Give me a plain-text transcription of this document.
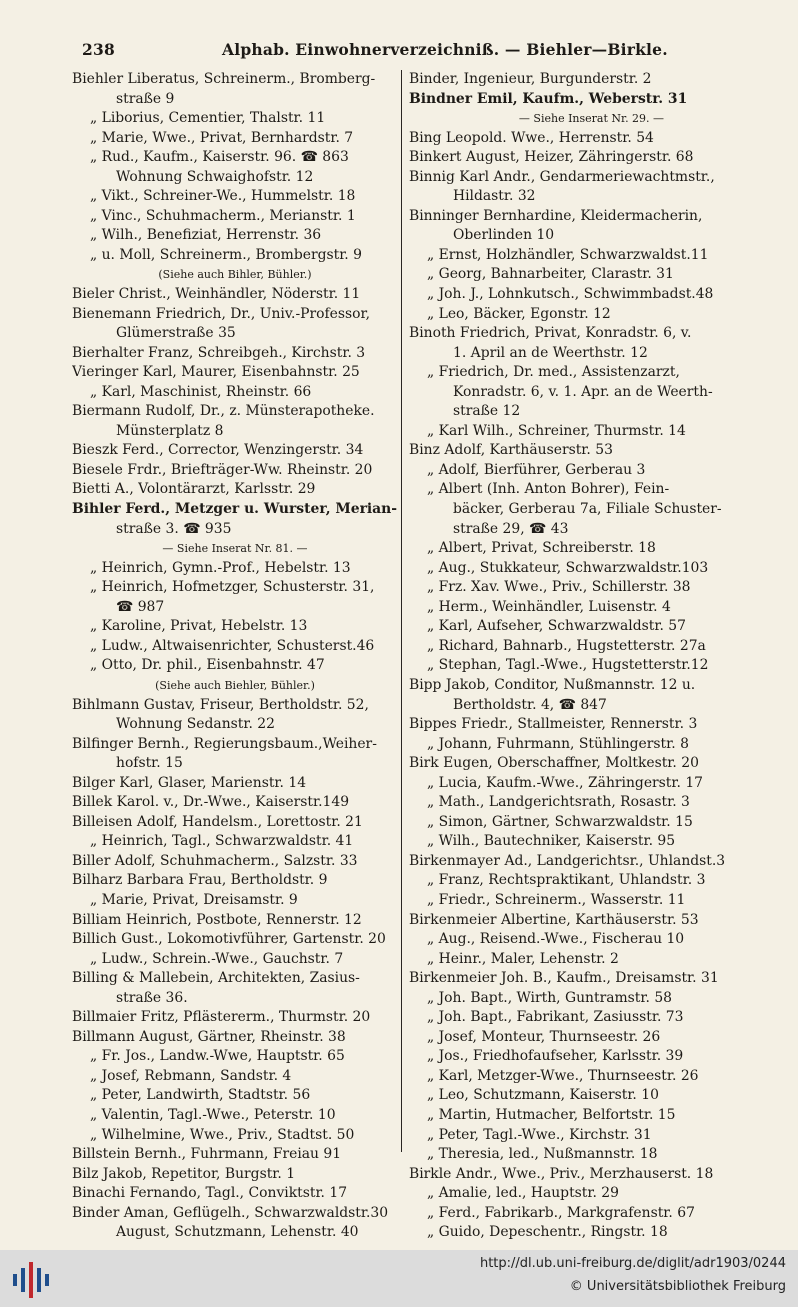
238	Alphab. Einwohnerverzeichniß. — Biehler—Birkle.
Biehler Liberatus, Schreinerm., Bromberg-
straße 9
„ Liborius, Cementier, Thalstr. 11
„ Marie, Wwe., Privat, Bernhardstr. 7
„ Rud., Kaufm., Kaiserstr. 96. ☎ 863
Wohnung Schwaighofstr. 12
„ Vikt., Schreiner-We., Hummelstr. 18
„ Vinc., Schuhmacherm., Merianstr. 1
„ Wilh., Benefiziat, Herrenstr. 36
„ u. Moll, Schreinerm., Brombergstr. 9
(Siehe auch Bihler, Bühler.)
Bieler Christ., Weinhändler, Nöderstr. 11
Bienemann Friedrich, Dr., Univ.-Professor,
Glümerstraße 35
Bierhalter Franz, Schreibgeh., Kirchstr. 3
Vieringer Karl, Maurer, Eisenbahnstr. 25
„ Karl, Maschinist, Rheinstr. 66
Biermann Rudolf, Dr., z. Münsterapotheke.
Münsterplatz 8
Bieszk Ferd., Corrector, Wenzingerstr. 34
Biesele Frdr., Briefträger-Ww. Rheinstr. 20
Bietti A., Volontärarzt, Karlsstr. 29
Bihler Ferd., Metzger u. Wurster, Merian-
straße 3. ☎ 935
— Siehe Inserat Nr. 81. —
„ Heinrich, Gymn.-Prof., Hebelstr. 13
„ Heinrich, Hofmetzger, Schusterstr. 31,
☎ 987
„ Karoline, Privat, Hebelstr. 13
„ Ludw., Altwaisenrichter, Schusterst.46
„ Otto, Dr. phil., Eisenbahnstr. 47
(Siehe auch Biehler, Bühler.)
Bihlmann Gustav, Friseur, Bertholdstr. 52,
Wohnung Sedanstr. 22
Bilfinger Bernh., Regierungsbaum.,Weiher-
hofstr. 15
Bilger Karl, Glaser, Marienstr. 14
Billek Karol. v., Dr.-Wwe., Kaiserstr.149
Billeisen Adolf, Handelsm., Lorettostr. 21
„ Heinrich, Tagl., Schwarzwaldstr. 41
Biller Adolf, Schuhmacherm., Salzstr. 33
Bilharz Barbara Frau, Bertholdstr. 9
„ Marie, Privat, Dreisamstr. 9
Billiam Heinrich, Postbote, Rennerstr. 12
Billich Gust., Lokomotivführer, Gartenstr. 20
„ Ludw., Schrein.-Wwe., Gauchstr. 7
Billing & Mallebein, Architekten, Zasius-
straße 36.
Billmaier Fritz, Pflästererm., Thurmstr. 20
Billmann August, Gärtner, Rheinstr. 38
„ Fr. Jos., Landw.-Wwe, Hauptstr. 65
„ Josef, Rebmann, Sandstr. 4
„ Peter, Landwirth, Stadtstr. 56
„ Valentin, Tagl.-Wwe., Peterstr. 10
„ Wilhelmine, Wwe., Priv., Stadtst. 50
Billstein Bernh., Fuhrmann, Freiau 91
Bilz Jakob, Repetitor, Burgstr. 1
Binachi Fernando, Tagl., Conviktstr. 17
Binder Aman, Geflügelh., Schwarzwaldstr.30
August, Schutzmann, Lehenstr. 40
Binder, Ingenieur, Burgunderstr. 2
Bindner Emil, Kaufm., Weberstr. 31
— Siehe Inserat Nr. 29. —
Bing Leopold. Wwe., Herrenstr. 54
Binkert August, Heizer, Zähringerstr. 68
Binnig Karl Andr., Gendarmeriewachtmstr.,
Hildastr. 32
Binninger Bernhardine, Kleidermacherin,
Oberlinden 10
„ Ernst, Holzhändler, Schwarzwaldst.11
„ Georg, Bahnarbeiter, Clarastr. 31
„ Joh. J., Lohnkutsch., Schwimmbadst.48
„ Leo, Bäcker, Egonstr. 12
Binoth Friedrich, Privat, Konradstr. 6, v.
1. April an de Weerthstr. 12
„ Friedrich, Dr. med., Assistenzarzt,
Konradstr. 6, v. 1. Apr. an de Weerth-
straße 12
„ Karl Wilh., Schreiner, Thurmstr. 14
Binz Adolf, Karthäuserstr. 53
„ Adolf, Bierführer, Gerberau 3
„ Albert (Inh. Anton Bohrer), Fein-
bäcker, Gerberau 7a, Filiale Schuster-
straße 29, ☎ 43
„ Albert, Privat, Schreiberstr. 18
„ Aug., Stukkateur, Schwarzwaldstr.103
„ Frz. Xav. Wwe., Priv., Schillerstr. 38
„ Herm., Weinhändler, Luisenstr. 4
„ Karl, Aufseher, Schwarzwaldstr. 57
„ Richard, Bahnarb., Hugstetterstr. 27a
„ Stephan, Tagl.-Wwe., Hugstetterstr.12
Bipp Jakob, Conditor, Nußmannstr. 12 u.
Bertholdstr. 4, ☎ 847
Bippes Friedr., Stallmeister, Rennerstr. 3
„ Johann, Fuhrmann, Stühlingerstr. 8
Birk Eugen, Oberschaffner, Moltkestr. 20
„ Lucia, Kaufm.-Wwe., Zähringerstr. 17
„ Math., Landgerichtsrath, Rosastr. 3
„ Simon, Gärtner, Schwarzwaldstr. 15
„ Wilh., Bautechniker, Kaiserstr. 95
Birkenmayer Ad., Landgerichtsr., Uhlandst.3
„ Franz, Rechtspraktikant, Uhlandstr. 3
„ Friedr., Schreinerm., Wasserstr. 11
Birkenmeier Albertine, Karthäuserstr. 53
„ Aug., Reisend.-Wwe., Fischerau 10
„ Heinr., Maler, Lehenstr. 2
Birkenmeier Joh. B., Kaufm., Dreisamstr. 31
„ Joh. Bapt., Wirth, Guntramstr. 58
„ Joh. Bapt., Fabrikant, Zasiusstr. 73
„ Josef, Monteur, Thurnseestr. 26
„ Jos., Friedhofaufseher, Karlsstr. 39
„ Karl, Metzger-Wwe., Thurnseestr. 26
„ Leo, Schutzmann, Kaiserstr. 10
„ Martin, Hutmacher, Belfortstr. 15
„ Peter, Tagl.-Wwe., Kirchstr. 31
„ Theresia, led., Nußmannstr. 18
Birkle Andr., Wwe., Priv., Merzhauserst. 18
„ Amalie, led., Hauptstr. 29
„ Ferd., Fabrikarb., Markgrafenstr. 67
„ Guido, Depeschentr., Ringstr. 18
http://dl.ub.uni-freiburg.de/diglit/adr1903/0244
© Universitätsbibliothek Freiburg
